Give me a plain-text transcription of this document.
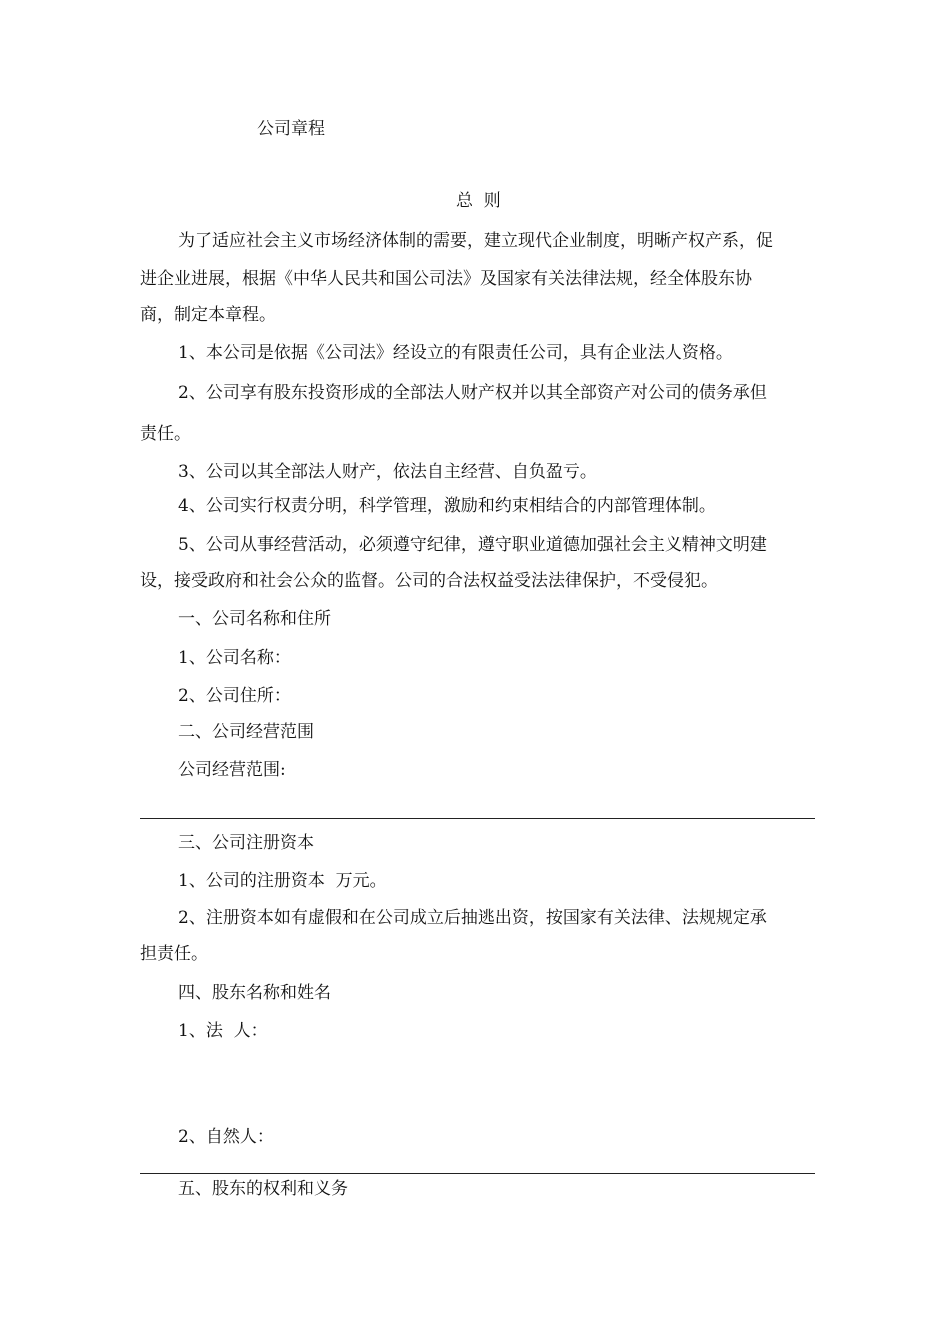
公司章程
总  则
为了适应社会主义市场经济体制的需要，建立现代企业制度，明晰产权产系，促
进企业进展，根据《中华人民共和国公司法》及国家有关法律法规，经全体股东协
商，制定本章程。
1、本公司是依据《公司法》经设立的有限责任公司，具有企业法人资格。
2、公司享有股东投资形成的全部法人财产权并以其全部资产对公司的债务承但
责任。
3、公司以其全部法人财产，依法自主经营、自负盈亏。
4、公司实行权责分明，科学管理，激励和约束相结合的内部管理体制。
5、公司从事经营活动，必须遵守纪律，遵守职业道德加强社会主义精神文明建
设，接受政府和社会公众的监督。公司的合法权益受法法律保护，不受侵犯。
一、公司名称和住所
1、公司名称：
2、公司住所：
二、公司经营范围
公司经营范围:
三、公司注册资本
1、公司的注册资本  万元。
2、注册资本如有虚假和在公司成立后抽逃出资，按国家有关法律、法规规定承
担责任。
四、股东名称和姓名
1、法  人：
2、自然人：
五、股东的权利和义务
